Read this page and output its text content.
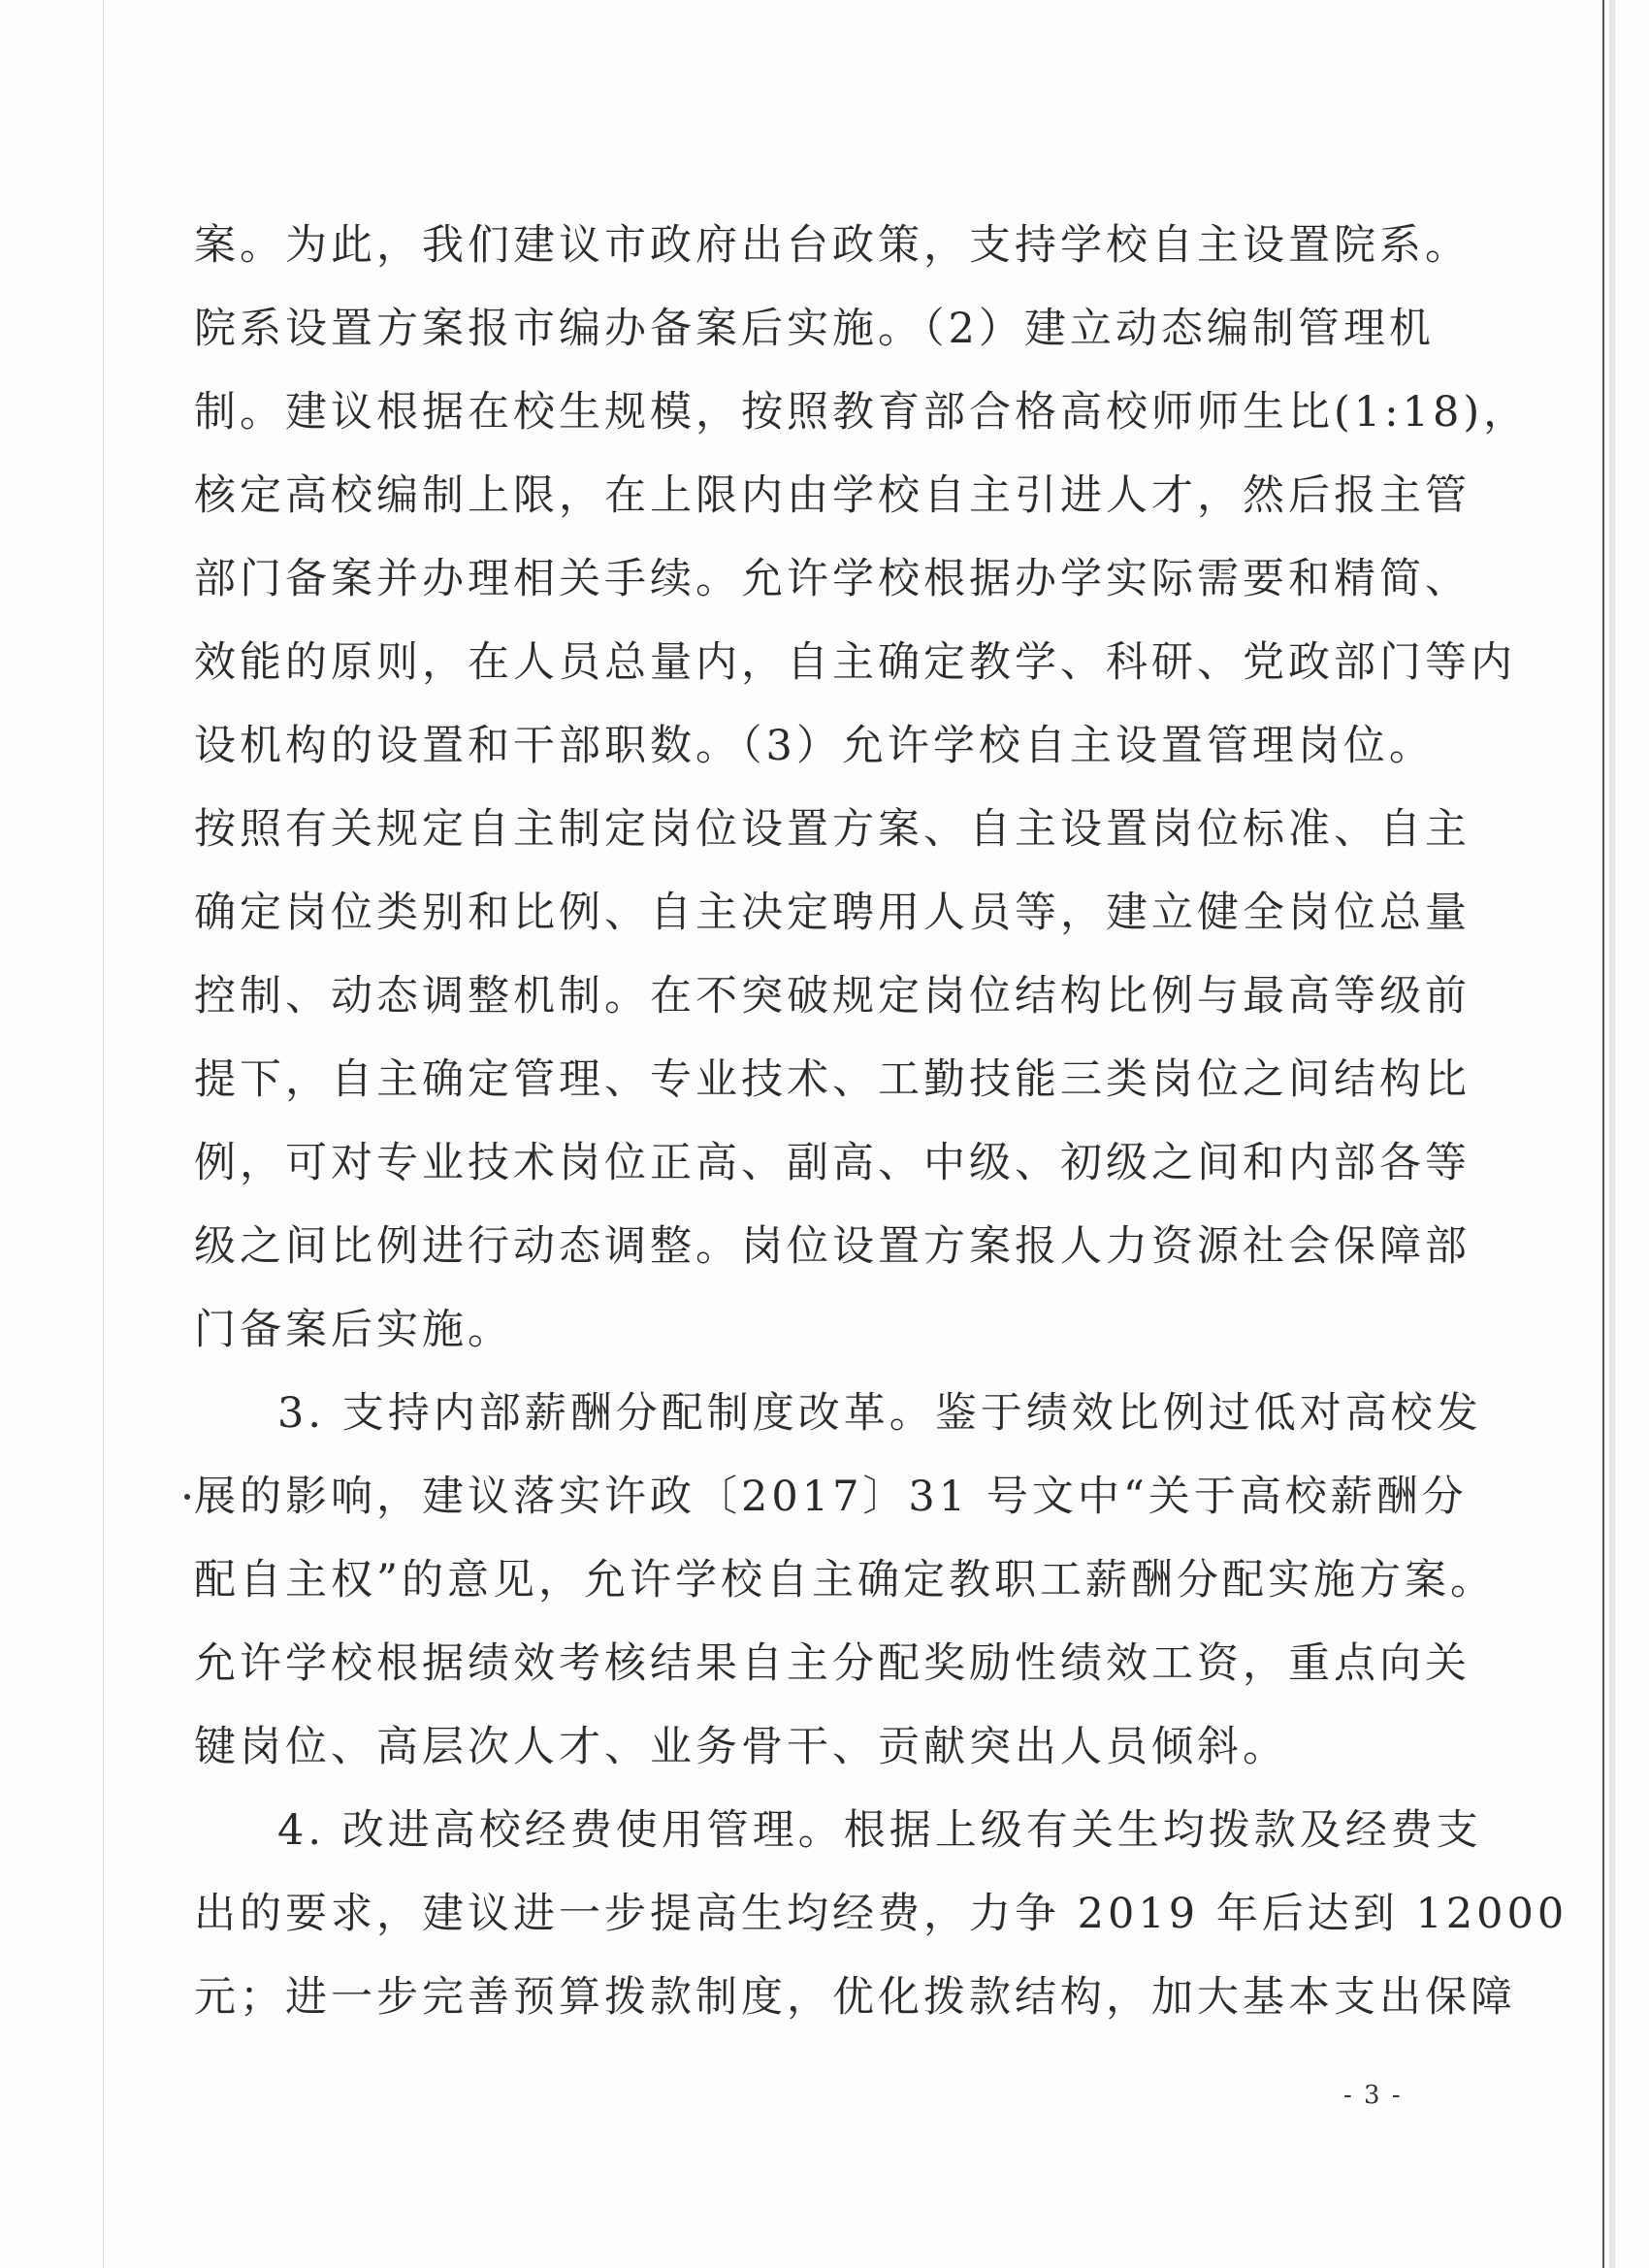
案。为此，我们建议市政府出台政策，支持学校自主设置院系。
院系设置方案报市编办备案后实施。（2）建立动态编制管理机
制。建议根据在校生规模，按照教育部合格高校师师生比(1:18)，
核定高校编制上限，在上限内由学校自主引进人才，然后报主管
部门备案并办理相关手续。允许学校根据办学实际需要和精简、
效能的原则，在人员总量内，自主确定教学、科研、党政部门等内
设机构的设置和干部职数。（3）允许学校自主设置管理岗位。
按照有关规定自主制定岗位设置方案、自主设置岗位标准、自主
确定岗位类别和比例、自主决定聘用人员等，建立健全岗位总量
控制、动态调整机制。在不突破规定岗位结构比例与最高等级前
提下，自主确定管理、专业技术、工勤技能三类岗位之间结构比
例，可对专业技术岗位正高、副高、中级、初级之间和内部各等
级之间比例进行动态调整。岗位设置方案报人力资源社会保障部
门备案后实施。
3. 支持内部薪酬分配制度改革。鉴于绩效比例过低对高校发
展的影响，建议落实许政〔2017〕31 号文中“关于高校薪酬分
配自主权”的意见，允许学校自主确定教职工薪酬分配实施方案。
允许学校根据绩效考核结果自主分配奖励性绩效工资，重点向关
键岗位、高层次人才、业务骨干、贡献突出人员倾斜。
4. 改进高校经费使用管理。根据上级有关生均拨款及经费支
出的要求，建议进一步提高生均经费，力争 2019 年后达到 12000
元；进一步完善预算拨款制度，优化拨款结构，加大基本支出保障
- 3 -
